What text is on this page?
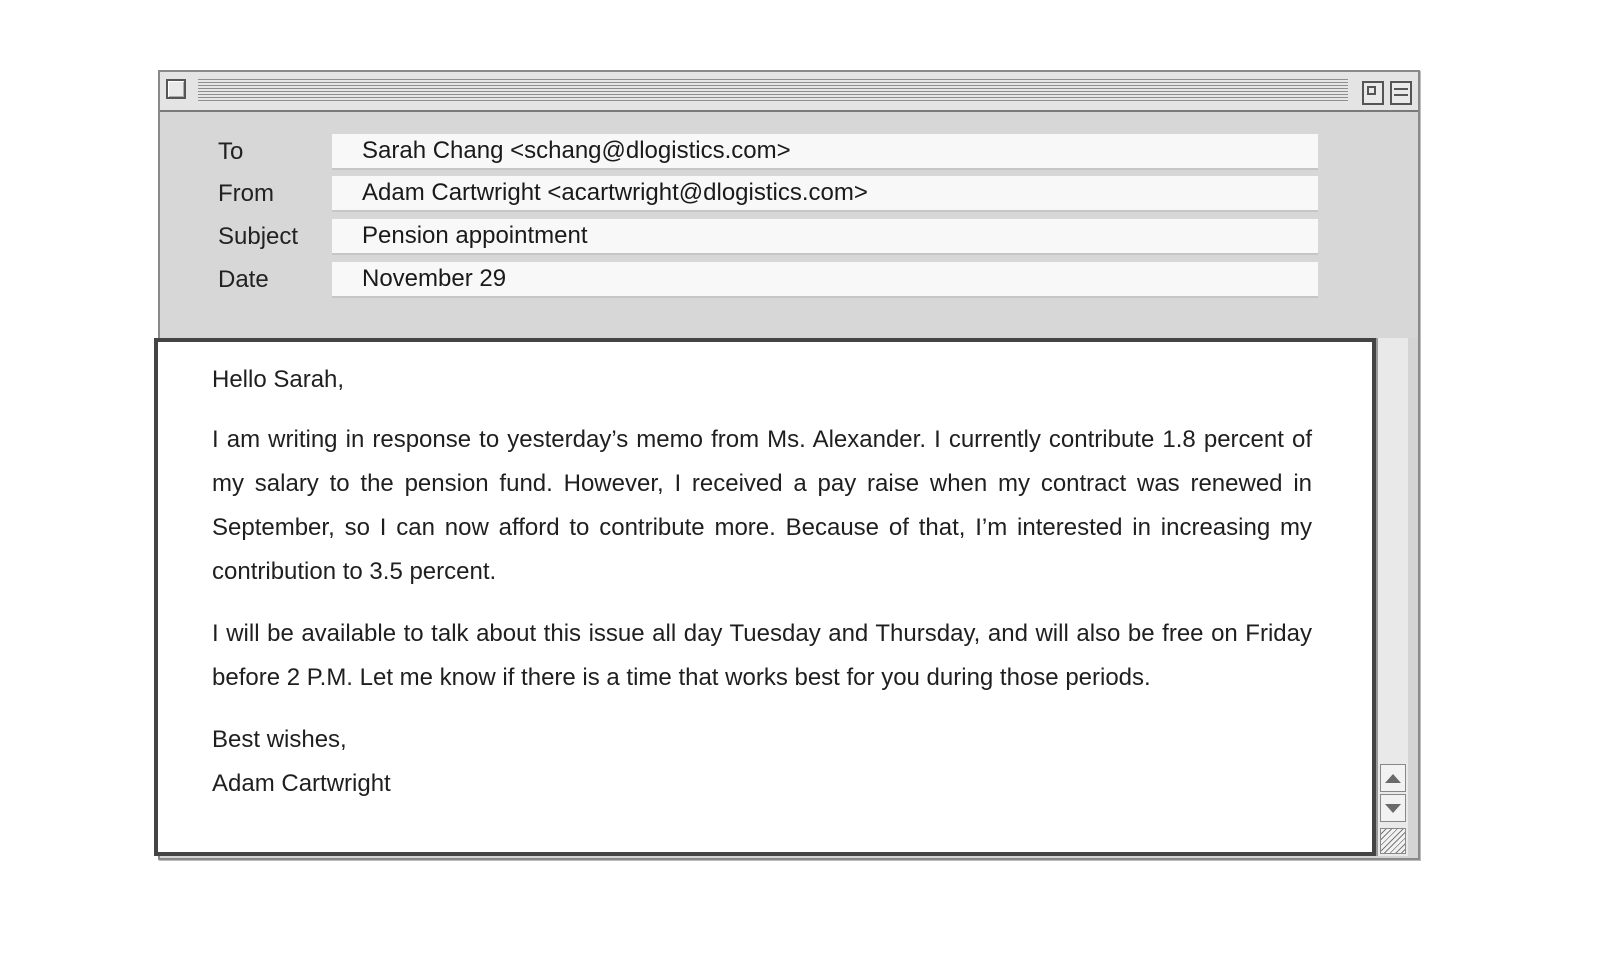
To	Sarah Chang <schang@dlogistics.com>
From	Adam Cartwright <acartwright@dlogistics.com>
Subject	Pension appointment
Date	November 29

Hello Sarah,

I am writing in response to yesterday’s memo from Ms. Alexander. I currently contribute 1.8 percent of my salary to the pension fund. However, I received a pay raise when my contract was renewed in September, so I can now afford to contribute more. Because of that, I’m interested in increasing my contribution to 3.5 percent.

I will be available to talk about this issue all day Tuesday and Thursday, and will also be free on Friday before 2 P.M. Let me know if there is a time that works best for you during those periods.

Best wishes,

Adam Cartwright
